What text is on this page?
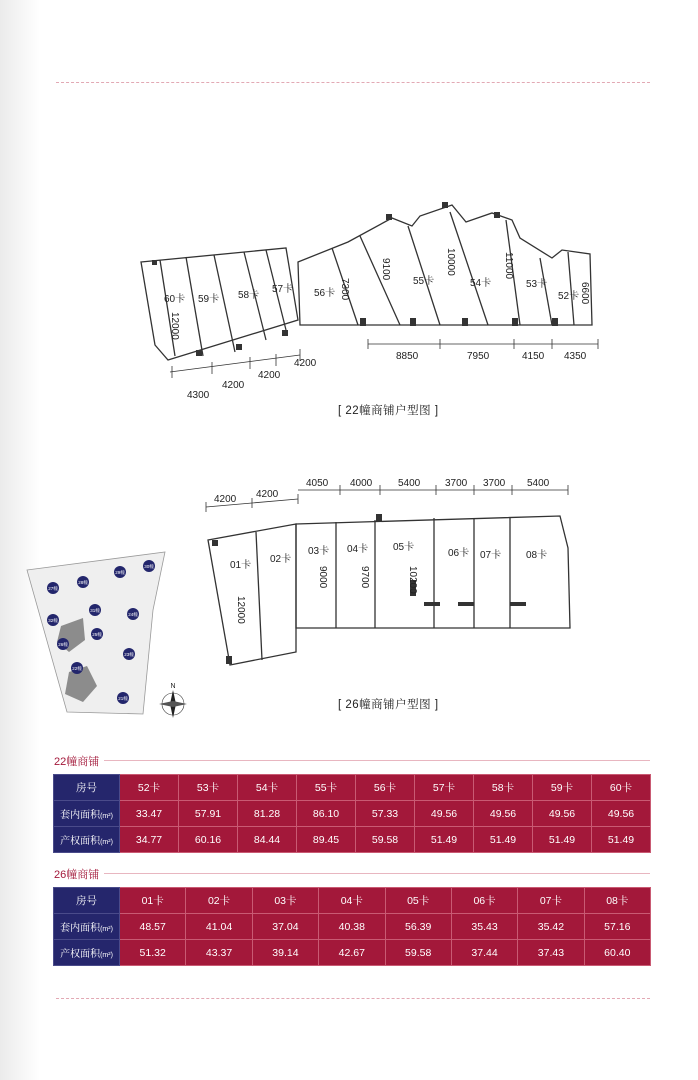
60卡 59卡 58卡
57卡 56卡
55卡	54卡	53卡
52卡
12000
7300
9100	10000	11000
6600
4300
4200
4200
4200
8850	7950	4150 4350
[ 22幢商铺户型图 ]
01卡
02卡
03卡 04卡 05卡
06卡 07卡 08卡
12000
9000	9700	10200
4200 4200
4050 4000	5400 3700 3700 5400
[ 26幢商铺户型图 ]
27幢
28幢
29幢
30幢
32幢
31幢
24幢
25幢
23幢
22幢
26幢
21幢
N
22幢商铺
房号	52卡	53卡	54卡	55卡	56卡	57卡	58卡	59卡	60卡
套内面积(m²)	33.47	57.91	81.28	86.10	57.33	49.56	49.56	49.56	49.56
产权面积(m²)	34.77	60.16	84.44	89.45	59.58	51.49	51.49	51.49	51.49
26幢商铺
房号	01卡	02卡	03卡	04卡	05卡	06卡	07卡	08卡
套内面积(m²)	48.57	41.04	37.04	40.38	56.39	35.43	35.42	57.16
产权面积(m²)	51.32	43.37	39.14	42.67	59.58	37.44	37.43	60.40
